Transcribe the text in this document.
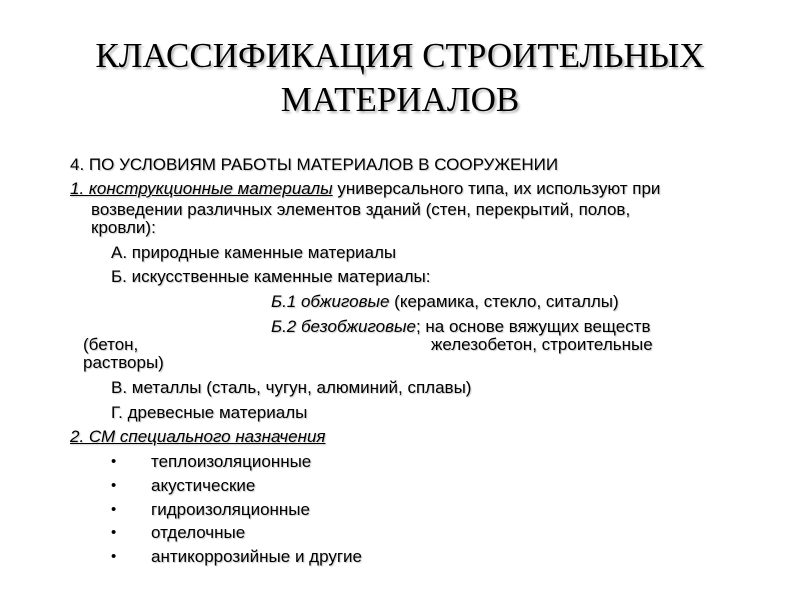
КЛАССИФИКАЦИЯ СТРОИТЕЛЬНЫХ
МАТЕРИАЛОВ
4. ПО УСЛОВИЯМ РАБОТЫ МАТЕРИАЛОВ В СООРУЖЕНИИ
1. конструкционные материалы универсального типа, их используют при
возведении различных элементов зданий (стен, перекрытий, полов,
кровли):
А. природные каменные материалы
Б. искусственные каменные материалы:
Б.1 обжиговые (керамика, стекло, ситаллы)
Б.2 безобжиговые; на основе вяжущих веществ
(бетон,	железобетон, строительные
растворы)
В. металлы (сталь, чугун, алюминий, сплавы)
Г. древесные материалы
2. СМ специального назначения
• теплоизоляционные
• акустические
• гидроизоляционные
• отделочные
• антикоррозийные и другие
